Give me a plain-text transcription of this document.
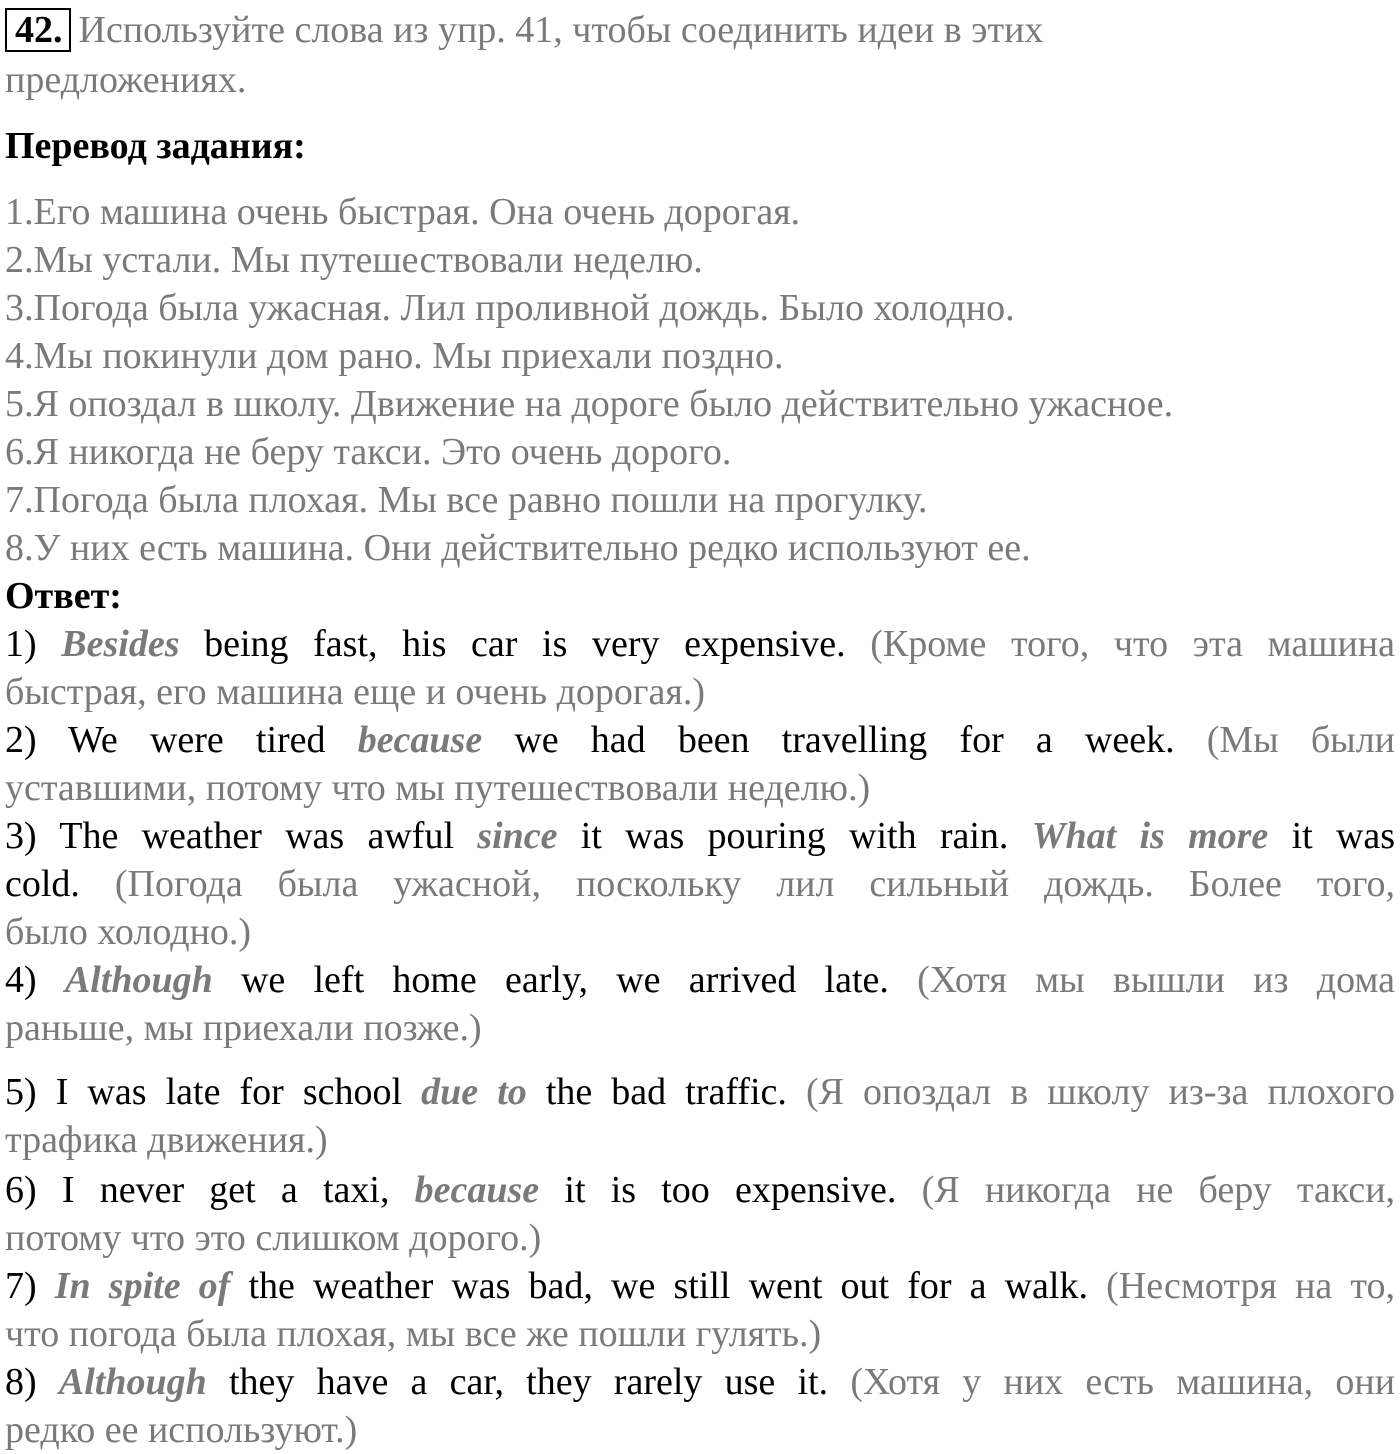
42. Используйте слова из упр. 41, чтобы соединить идеи в этих
предложениях.
Перевод задания:
1.Его машина очень быстрая. Она очень дорогая.
2.Мы устали. Мы путешествовали неделю.
3.Погода была ужасная. Лил проливной дождь. Было холодно.
4.Мы покинули дом рано. Мы приехали поздно.
5.Я опоздал в школу. Движение на дороге было действительно ужасное.
6.Я никогда не беру такси. Это очень дорого.
7.Погода была плохая. Мы все равно пошли на прогулку.
8.У них есть машина. Они действительно редко используют ее.
Ответ:
1) Besides being fast, his car is very expensive. (Кроме того, что эта машина
быстрая, его машина еще и очень дорогая.)
2) We were tired because we had been travelling for a week. (Мы были
уставшими, потому что мы путешествовали неделю.)
3) The weather was awful since it was pouring with rain. What is more it was
cold. (Погода была ужасной, поскольку лил сильный дождь. Более того,
было холодно.)
4) Although we left home early, we arrived late. (Хотя мы вышли из дома
раньше, мы приехали позже.)
5) I was late for school due to the bad traffic. (Я опоздал в школу из-за плохого
трафика движения.)
6) I never get a taxi, because it is too expensive. (Я никогда не беру такси,
потому что это слишком дорого.)
7) In spite of the weather was bad, we still went out for a walk. (Несмотря на то,
что погода была плохая, мы все же пошли гулять.)
8) Although they have a car, they rarely use it. (Хотя у них есть машина, они
редко ее используют.)
